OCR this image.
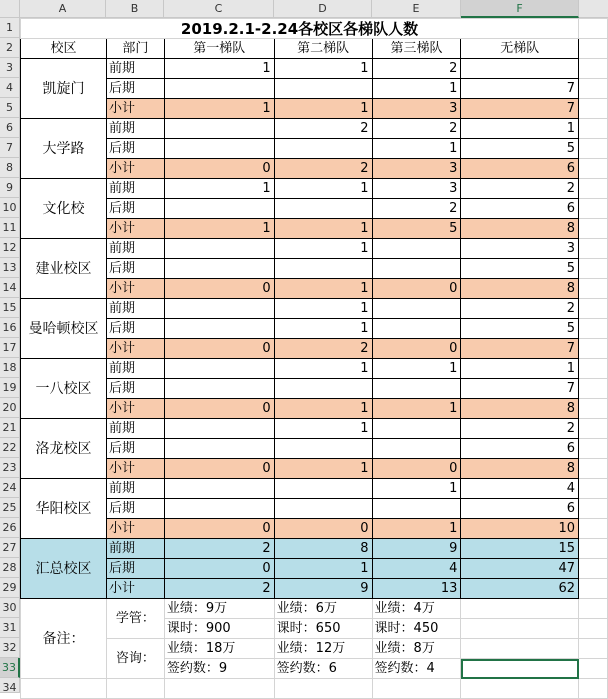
A	B	C	D	E	F
1
2
3
4
5
6
7
8
9
10
11
12
13
14
15
16
17
18
19
20
21
22
23
24
25
26
27
28
29
30
31
32
33
34
2019.2.1-2.24各校区各梯队人数						
校区	部门	第一梯队	第二梯队	第三梯队	无梯队	
凯旋门	前期	1	1	2		
	后期			1	7	
	小计	1	1	3	7	
大学路	前期		2	2	1	
	后期			1	5	
	小计	0	2	3	6	
文化校	前期	1	1	3	2	
	后期			2	6	
	小计	1	1	5	8	
建业校区	前期		1		3	
	后期				5	
	小计	0	1	0	8	
曼哈顿校区	前期		1		2	
	后期		1		5	
	小计	0	2	0	7	
一八校区	前期		1	1	1	
	后期				7	
	小计	0	1	1	8	
洛龙校区	前期		1		2	
	后期				6	
	小计	0	1	0	8	
华阳校区	前期			1	4	
	后期				6	
	小计	0	0	1	10	
汇总校区	前期	2	8	9	15	
	后期	0	1	4	47	
	小计	2	9	13	62	
备注：	学管：	业绩：9万	业绩：6万	业绩：4万		
		课时：900	课时：650	课时：450		
	咨询：	业绩：18万	业绩：12万	业绩：8万		
		签约数：9	签约数：6	签约数：4		
